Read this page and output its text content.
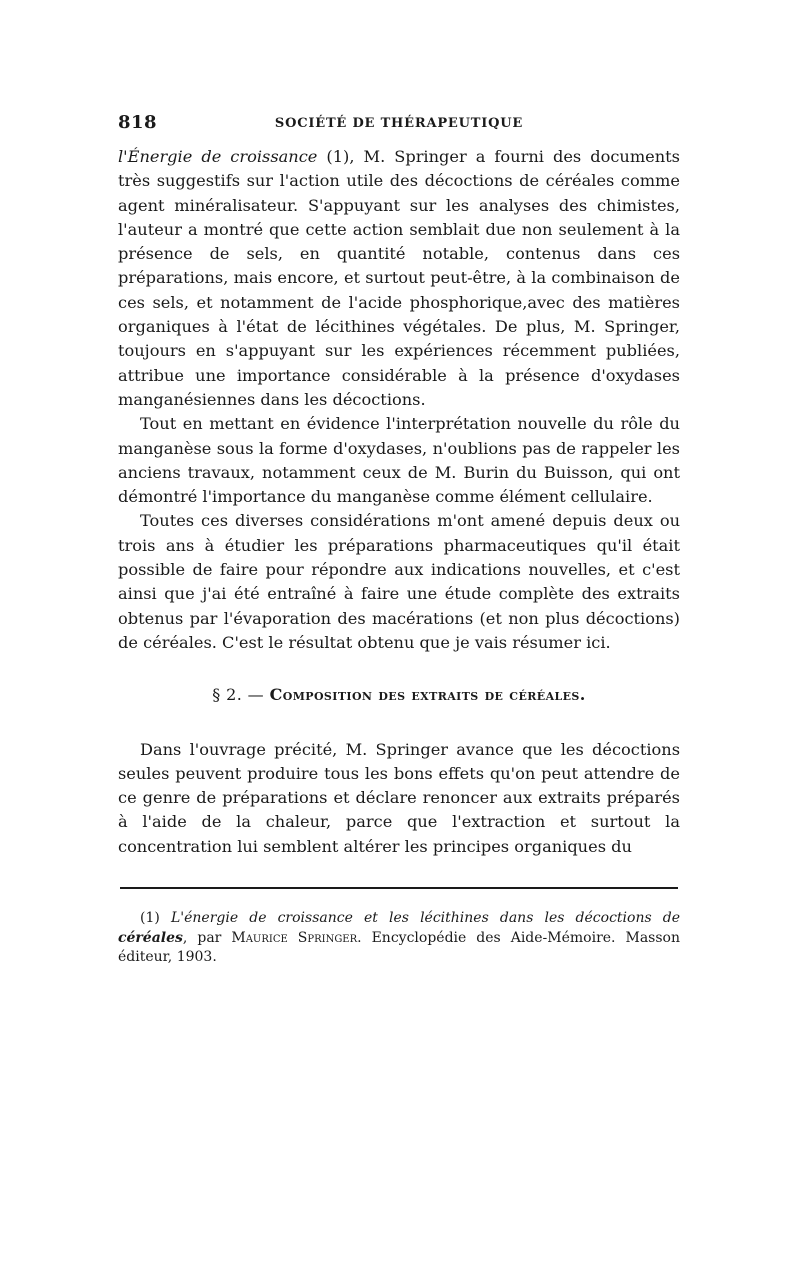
818	SOCIÉTÉ DE THÉRAPEUTIQUE

l'Énergie de croissance (1), M. Springer a fourni des documents très suggestifs sur l'action utile des décoctions de céréales comme agent minéralisateur. S'appuyant sur les analyses des chimistes, l'auteur a montré que cette action semblait due non seulement à la présence de sels, en quantité notable, contenus dans ces préparations, mais encore, et surtout peut-être, à la combinaison de ces sels, et notamment de l'acide phosphorique,avec des matières organiques à l'état de lécithines végétales. De plus, M. Springer, toujours en s'appuyant sur les expériences récemment publiées, attribue une importance considérable à la présence d'oxydases manganésiennes dans les décoctions.

Tout en mettant en évidence l'interprétation nouvelle du rôle du manganèse sous la forme d'oxydases, n'oublions pas de rappeler les anciens travaux, notamment ceux de M. Burin du Buisson, qui ont démontré l'importance du manganèse comme élément cellulaire.

Toutes ces diverses considérations m'ont amené depuis deux ou trois ans à étudier les préparations pharmaceutiques qu'il était possible de faire pour répondre aux indications nouvelles, et c'est ainsi que j'ai été entraîné à faire une étude complète des extraits obtenus par l'évaporation des macérations (et non plus décoctions) de céréales. C'est le résultat obtenu que je vais résumer ici.

§ 2. — Composition des extraits de céréales.

Dans l'ouvrage précité, M. Springer avance que les décoctions seules peuvent produire tous les bons effets qu'on peut attendre de ce genre de préparations et déclare renoncer aux extraits préparés à l'aide de la chaleur, parce que l'extraction et surtout la concentration lui semblent altérer les principes organiques du

(1) L'énergie de croissance et les lécithines dans les décoctions de céréales, par Maurice Springer. Encyclopédie des Aide-Mémoire. Masson éditeur, 1903.
